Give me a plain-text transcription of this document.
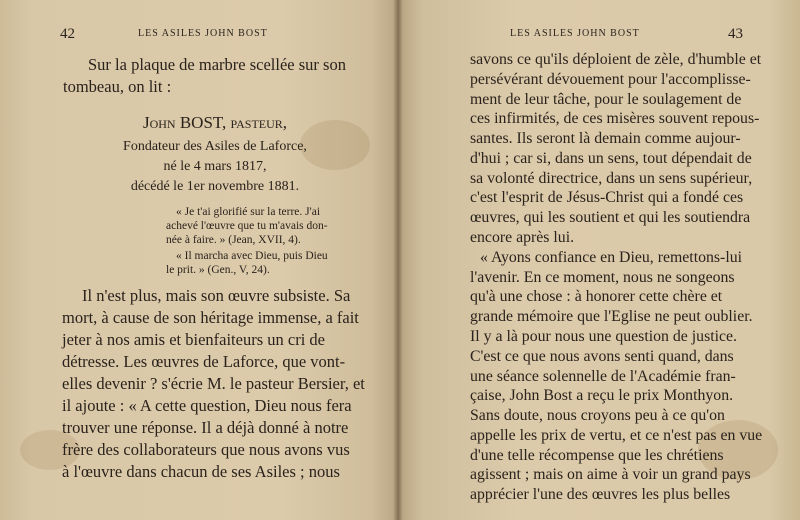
42	LES ASILES JOHN BOST
Sur la plaque de marbre scellée sur son
tombeau, on lit :
John BOST, pasteur,
Fondateur des Asiles de Laforce,
né le 4 mars 1817,
décédé le 1er novembre 1881.
« Je t'ai glorifié sur la terre. J'ai
achevé l'œuvre que tu m'avais don-
née à faire. » (Jean, XVII, 4).
« Il marcha avec Dieu, puis Dieu
le prit. » (Gen., V, 24).
Il n'est plus, mais son œuvre subsiste. Sa
mort, à cause de son héritage immense, a fait
jeter à nos amis et bienfaiteurs un cri de
détresse. Les œuvres de Laforce, que vont-
elles devenir ? s'écrie M. le pasteur Bersier, et
il ajoute : « A cette question, Dieu nous fera
trouver une réponse. Il a déjà donné à notre
frère des collaborateurs que nous avons vus
à l'œuvre dans chacun de ses Asiles ; nous
LES ASILES JOHN BOST	43
savons ce qu'ils déploient de zèle, d'humble et
persévérant dévouement pour l'accomplisse-
ment de leur tâche, pour le soulagement de
ces infirmités, de ces misères souvent repous-
santes. Ils seront là demain comme aujour-
d'hui ; car si, dans un sens, tout dépendait de
sa volonté directrice, dans un sens supérieur,
c'est l'esprit de Jésus-Christ qui a fondé ces
œuvres, qui les soutient et qui les soutiendra
encore après lui.
« Ayons confiance en Dieu, remettons-lui
l'avenir. En ce moment, nous ne songeons
qu'à une chose : à honorer cette chère et
grande mémoire que l'Eglise ne peut oublier.
Il y a là pour nous une question de justice.
C'est ce que nous avons senti quand, dans
une séance solennelle de l'Académie fran-
çaise, John Bost a reçu le prix Monthyon.
Sans doute, nous croyons peu à ce qu'on
appelle les prix de vertu, et ce n'est pas en vue
d'une telle récompense que les chrétiens
agissent ; mais on aime à voir un grand pays
apprécier l'une des œuvres les plus belles
